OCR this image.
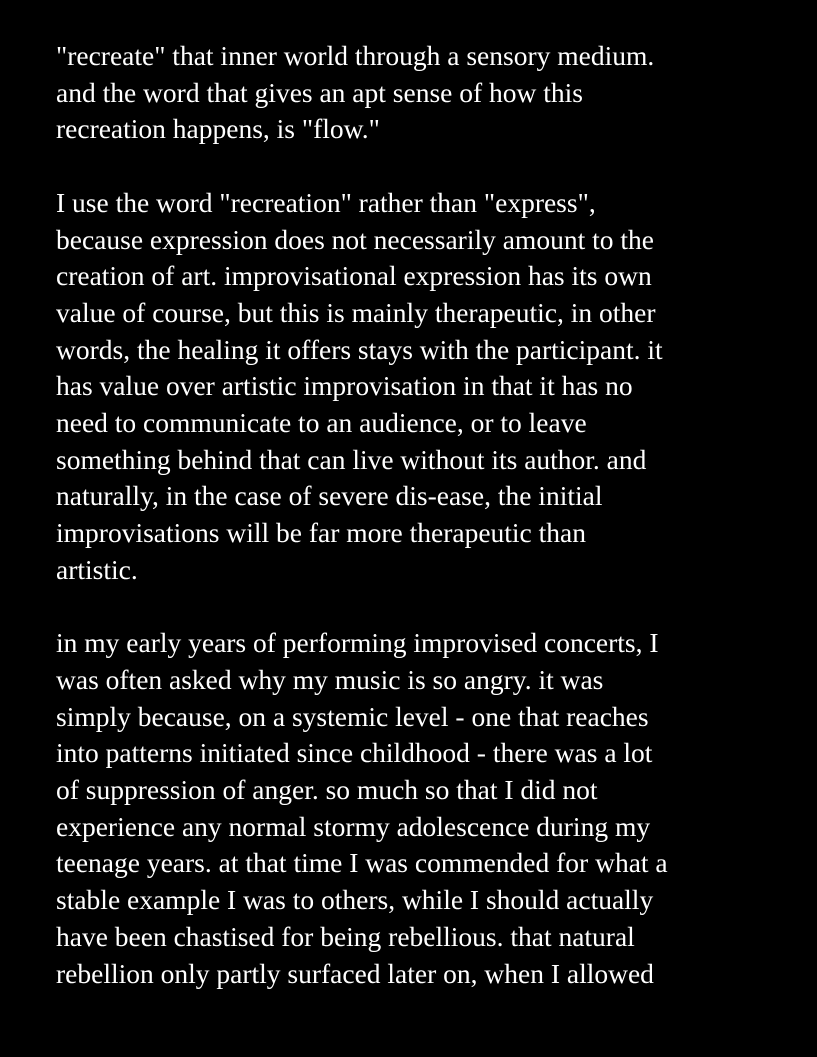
"recreate" that inner world through a sensory medium.
and the word that gives an apt sense of how this
recreation happens, is "flow."
I use the word "recreation" rather than "express",
because expression does not necessarily amount to the
creation of art. improvisational expression has its own
value of course, but this is mainly therapeutic, in other
words, the healing it offers stays with the participant. it
has value over artistic improvisation in that it has no
need to communicate to an audience, or to leave
something behind that can live without its author. and
naturally, in the case of severe dis-ease, the initial
improvisations will be far more therapeutic than
artistic.
in my early years of performing improvised concerts, I
was often asked why my music is so angry. it was
simply because, on a systemic level - one that reaches
into patterns initiated since childhood - there was a lot
of suppression of anger. so much so that I did not
experience any normal stormy adolescence during my
teenage years. at that time I was commended for what a
stable example I was to others, while I should actually
have been chastised for being rebellious. that natural
rebellion only partly surfaced later on, when I allowed
